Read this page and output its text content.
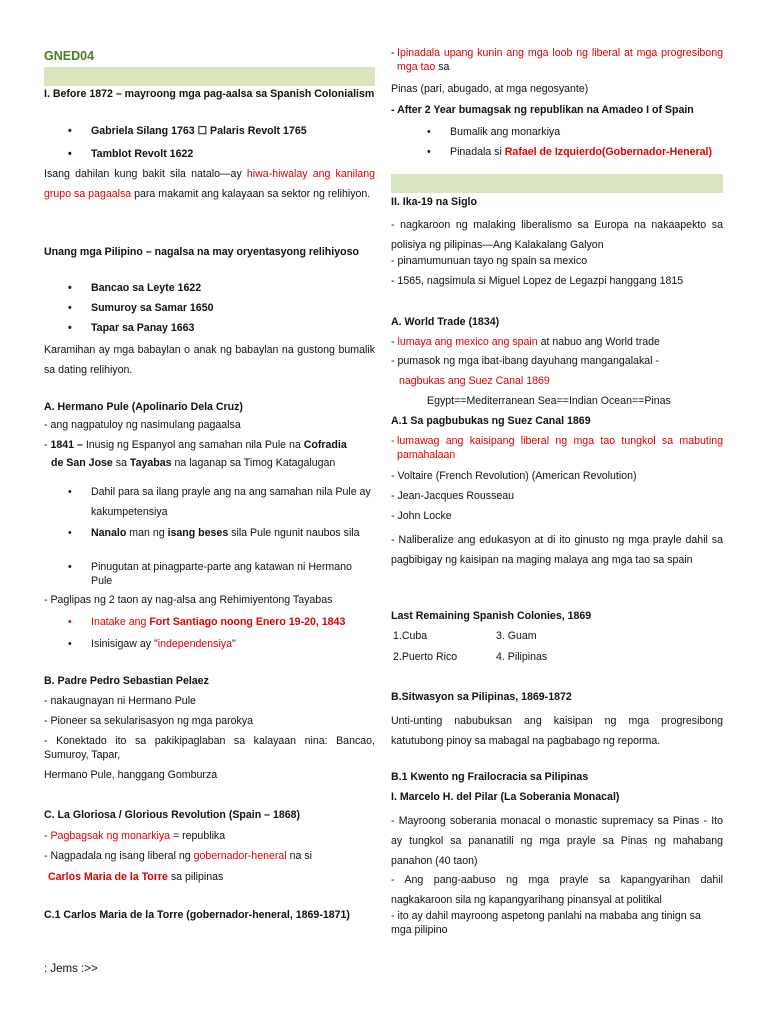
GNED04
I. Before 1872 – mayroong mga pag-aalsa sa Spanish Colonialism
• Gabriela Silang 1763 ☐ Palaris Revolt 1765
• Tamblot Revolt 1622
Isang dahilan kung bakit sila natalo—ay hiwa-hiwalay ang kanilang grupo sa pagaalsa para makamit ang kalayaan sa sektor ng relihiyon.
Unang mga Pilipino – nagalsa na may oryentasyong relihiyoso
• Bancao sa Leyte 1622
• Sumuroy sa Samar 1650
• Tapar sa Panay 1663
Karamihan ay mga babaylan o anak ng babaylan na gustong bumalik sa dating relihiyon.
A. Hermano Pule (Apolinario Dela Cruz)
- ang nagpatuloy ng nasimulang pagaalsa
- 1841 – Inusig ng Espanyol ang samahan nila Pule na Cofradia
de San Jose sa Tayabas na laganap sa Timog Katagalugan
• Dahil para sa ilang prayle ang na ang samahan nila Pule ay kakumpetensiya
• Nanalo man ng isang beses sila Pule ngunit naubos sila
• Pinugutan at pinagparte-parte ang katawan ni Hermano Pule
- Paglipas ng 2 taon ay nag-alsa ang Rehimiyentong Tayabas
• Inatake ang Fort Santiago noong Enero 19-20, 1843
• Isinisigaw ay "independensiya"
B. Padre Pedro Sebastian Pelaez
- nakaugnayan ni Hermano Pule
- Pioneer sa sekularisasyon ng mga parokya
- Konektado ito sa pakikipaglaban sa kalayaan nina: Bancao, Sumuroy, Tapar,
Hermano Pule, hanggang Gomburza
C. La Gloriosa / Glorious Revolution (Spain – 1868)
- Pagbagsak ng monarkiya = republika
- Nagpadala ng isang liberal ng gobernador-heneral na si
Carlos Maria de la Torre sa pilipinas
C.1 Carlos Maria de la Torre (gobernador-heneral, 1869-1871)
: Jems :>>
- Ipinadala upang kunin ang mga loob ng liberal at mga progresibong mga tao sa
Pinas (pari, abugado, at mga negosyante)
- After 2 Year bumagsak ng republikan na Amadeo I of Spain
• Bumalik ang monarkiya
• Pinadala si Rafael de Izquierdo(Gobernador-Heneral)
II. Ika-19 na Siglo
- nagkaroon ng malaking liberalismo sa Europa na nakaapekto sa polisiya ng pilipinas—Ang Kalakalang Galyon
- pinamumunuan tayo ng spain sa mexico
- 1565, nagsimula si Miguel Lopez de Legazpi hanggang 1815
A. World Trade (1834)
- lumaya ang mexico ang spain at nabuo ang World trade
- pumasok ng mga ibat-ibang dayuhang mangangalakal -
nagbukas ang Suez Canal 1869
Egypt==Mediterranean Sea==Indian Ocean==Pinas
A.1 Sa pagbubukas ng Suez Canal 1869
- lumawag ang kaisipang liberal ng mga tao tungkol sa mabuting pamahalaan
- Voltaire (French Revolution) (American Revolution)
- Jean-Jacques Rousseau
- John Locke
- Naliberalize ang edukasyon at di ito ginusto ng mga prayle dahil sa pagbibigay ng kaisipan na maging malaya ang mga tao sa spain
Last Remaining Spanish Colonies, 1869
1.Cuba	3. Guam
2.Puerto Rico	4. Pilipinas
B.Sitwasyon sa Pilipinas, 1869-1872
Unti-unting nabubuksan ang kaisipan ng mga progresibong katutubong pinoy sa mabagal na pagbabago ng reporma.
B.1 Kwento ng Frailocracia sa Pilipinas
I. Marcelo H. del Pilar (La Soberania Monacal)
- Mayroong soberania monacal o monastic supremacy sa Pinas - Ito ay tungkol sa pananatili ng mga prayle sa Pinas ng mahabang panahon (40 taon)
- Ang pang-aabuso ng mga prayle sa kapangyarihan dahil nagkakaroon sila ng kapangyarihang pinansyal at politikal
- ito ay dahil mayroong aspetong panlahi na mababa ang tinign sa mga pilipino
